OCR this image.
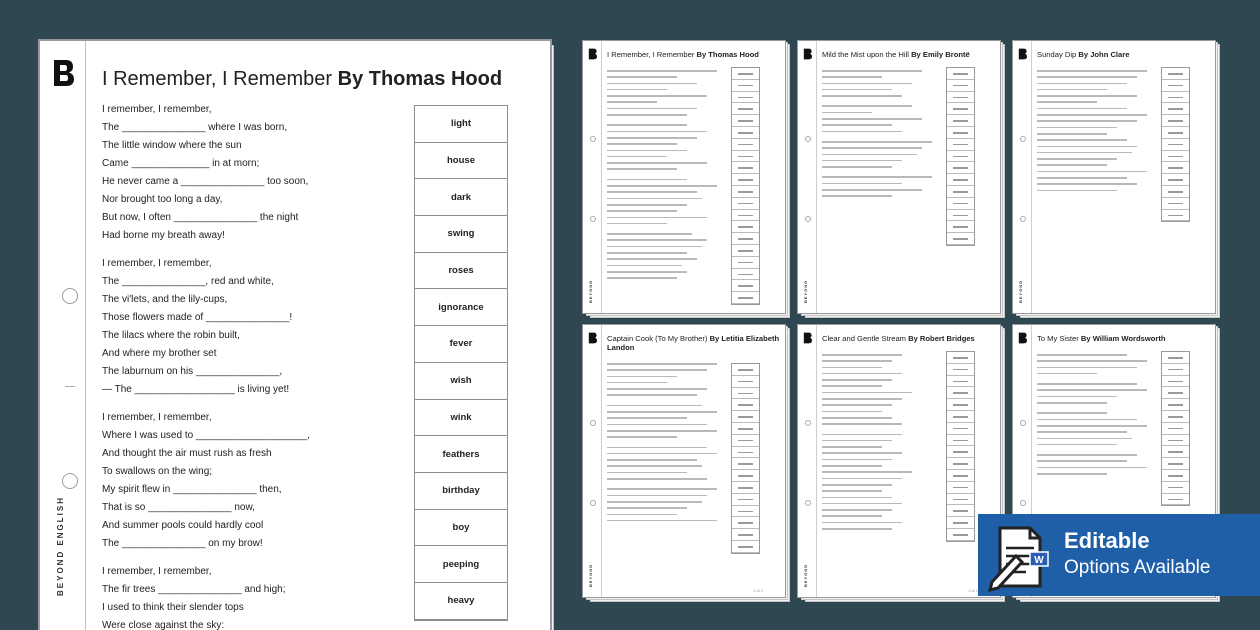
BEYOND ENGLISH
I Remember, I Remember By Thomas Hood
I remember, I remember,
The _______________ where I was born,
The little window where the sun
Came ______________ in at morn;
He never came a _______________ too soon,
Nor brought too long a day,
But now, I often _______________ the night
Had borne my breath away!
I remember, I remember,
The _______________, red and white,
The vi'lets, and the lily-cups,
Those flowers made of _______________!
The lilacs where the robin built,
And where my brother set
The laburnum on his _______________,
— The __________________ is living yet!
I remember, I remember,
Where I was used to ____________________,
And thought the air must rush as fresh
To swallows on the wing;
My spirit flew in _______________ then,
That is so _______________ now,
And summer pools could hardly cool
The _______________ on my brow!
I remember, I remember,
The fir trees _______________ and high;
I used to think their slender tops
Were close against the sky:
light
house
dark
swing
roses
ignorance
fever
wish
wink
feathers
birthday
boy
peeping
heavy
BEYOND
I Remember, I Remember By Thomas Hood
BEYOND
Mild the Mist upon the Hill By Emily Brontë
BEYOND
Sunday Dip By John Clare
BEYOND
Captain Cook (To My Brother) By Letitia Elizabeth Landon
1 of 1
BEYOND
Clear and Gentle Stream By Robert Bridges
1 of 1
To My Sister By William Wordsworth
W
Editable
Options Available
